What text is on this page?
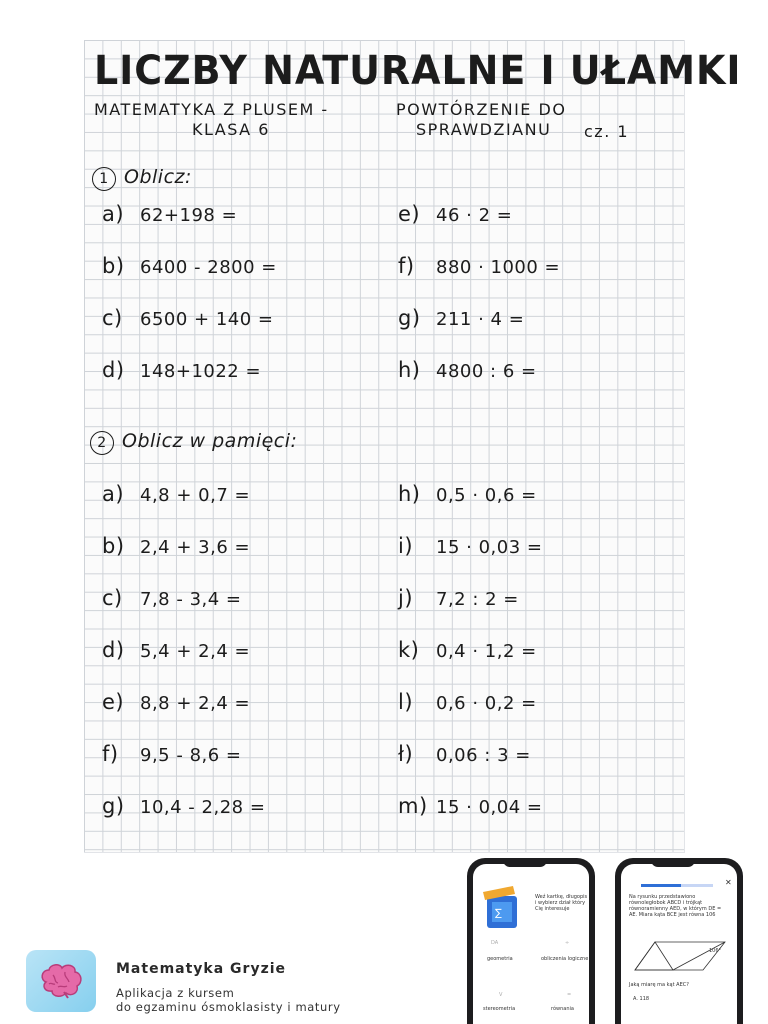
LICZBY NATURALNE I UŁAMKI
MATEMATYKA Z PLUSEM -
KLASA 6
POWTÓRZENIE DO
SPRAWDZIANU cz. 1
1 Oblicz:
a) 62+198 =
b) 6400 - 2800 =
c) 6500 + 140 =
d) 148+1022 =
e) 46 · 2 =
f) 880 · 1000 =
g) 211 · 4 =
h) 4800 : 6 =
2 Oblicz w pamięci:
a) 4,8 + 0,7 =
b) 2,4 + 3,6 =
c) 7,8 - 3,4 =
d) 5,4 + 2,4 =
e) 8,8 + 2,4 =
f) 9,5 - 8,6 =
g) 10,4 - 2,28 =
h) 0,5 · 0,6 =
i) 15 · 0,03 =
j) 7,2 : 2 =
k) 0,4 · 1,2 =
l) 0,6 · 0,2 =
ł) 0,06 : 3 =
m) 15 · 0,04 =
Matematyka Gryzie
Aplikacja z kursem
do egzaminu ósmoklasisty i matury
∑
Weź kartkę, długopis i wybierz dział który Cię interesuje
DA	÷
geometria	obliczenia logiczne
V	=
stereometria	równania
✕
Na rysunku przedstawiono równoległobok ABCD i trójkąt równoramienny AED, w którym DE = AE. Miara kąta BCE jest równa 106
106°
Jaką miarę ma kąt AEC?
A. 118
